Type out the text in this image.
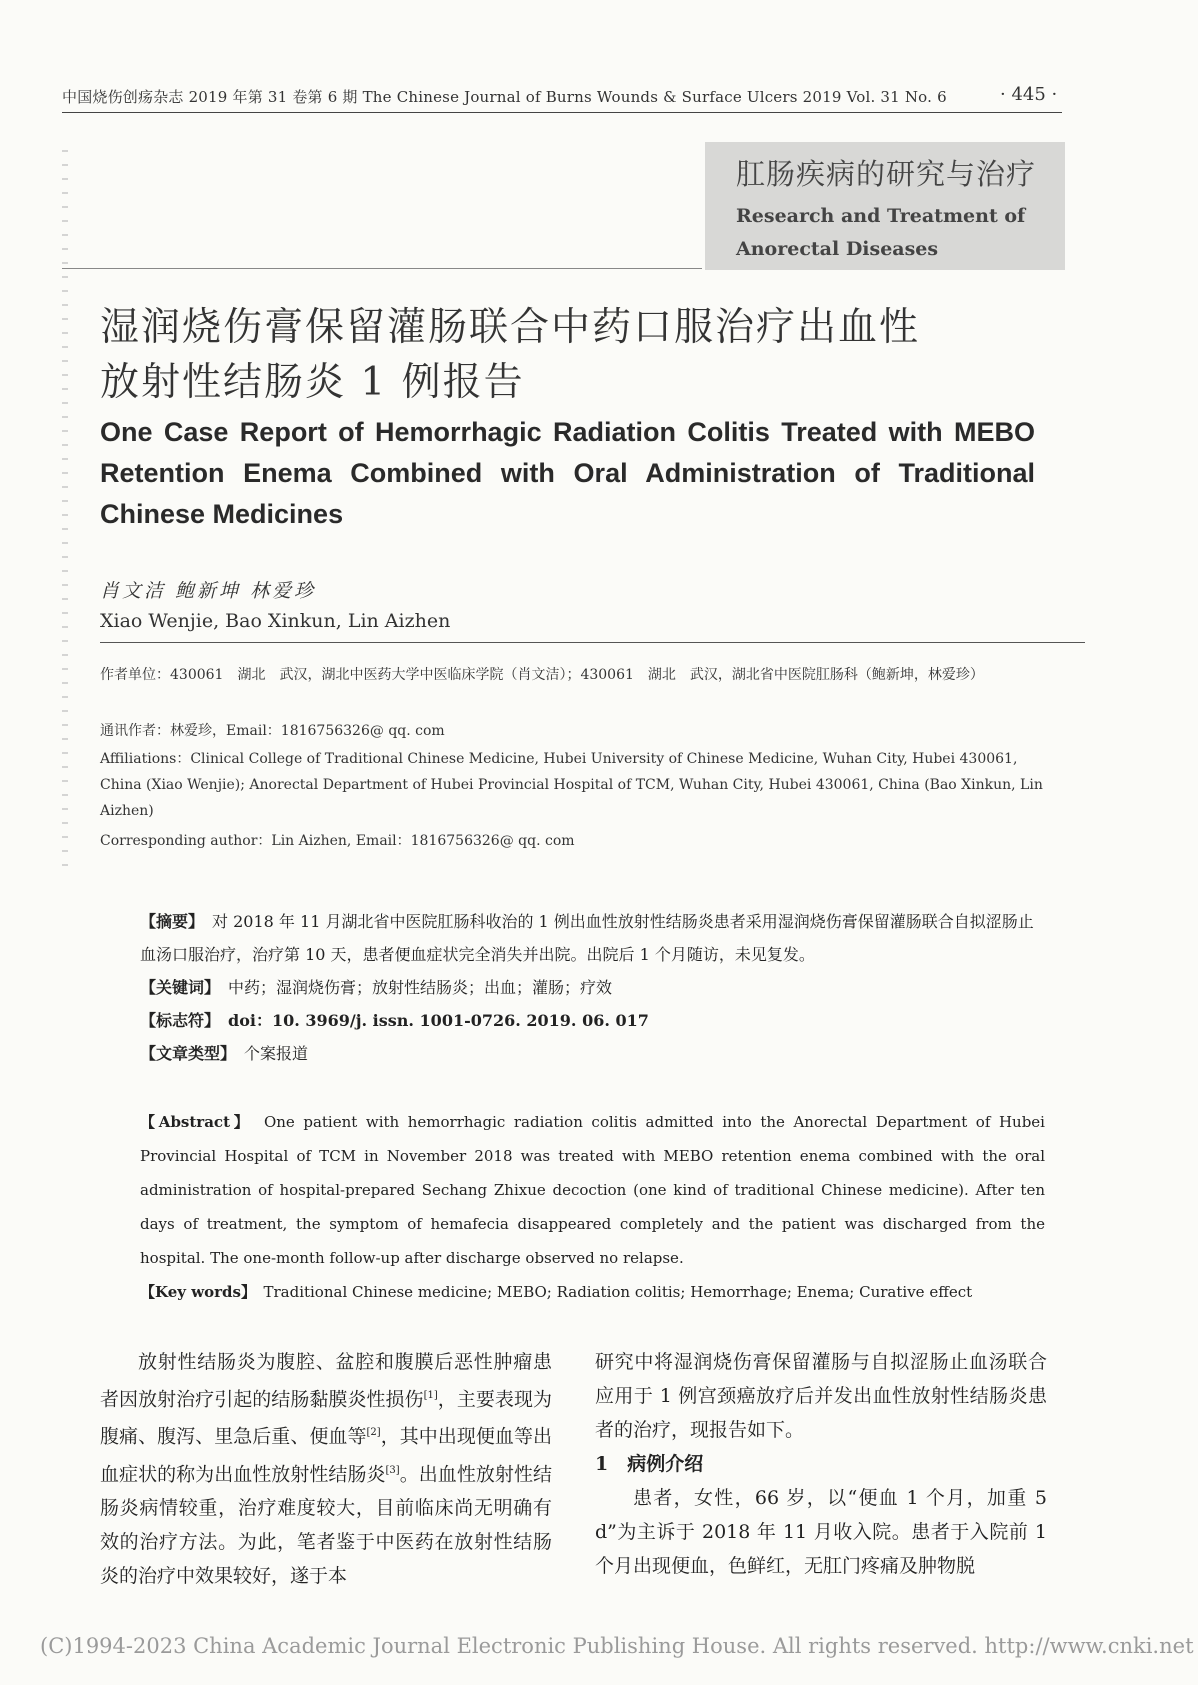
中国烧伤创疡杂志 2019 年第 31 卷第 6 期 The Chinese Journal of Burns Wounds & Surface Ulcers 2019 Vol. 31 No. 6	· 445 ·
肛肠疾病的研究与治疗
Research and Treatment of
Anorectal Diseases
湿润烧伤膏保留灌肠联合中药口服治疗出血性
放射性结肠炎 1 例报告
One Case Report of Hemorrhagic Radiation Colitis Treated with MEBO
Retention Enema Combined with Oral Administration of Traditional
Chinese Medicines
肖文洁 鲍新坤 林爱珍
Xiao Wenjie, Bao Xinkun, Lin Aizhen
作者单位：430061　湖北　武汉，湖北中医药大学中医临床学院（肖文洁）；430061　湖北　武汉，湖北省中医院肛肠科（鲍新坤，林爱珍）
通讯作者：林爱珍，Email：1816756326@ qq. com
Affiliations：Clinical College of Traditional Chinese Medicine, Hubei University of Chinese Medicine, Wuhan City, Hubei 430061, China (Xiao Wenjie); Anorectal Department of Hubei Provincial Hospital of TCM, Wuhan City, Hubei 430061, China (Bao Xinkun, Lin Aizhen)
Corresponding author：Lin Aizhen, Email：1816756326@ qq. com
【摘要】　 对 2018 年 11 月湖北省中医院肛肠科收治的 1 例出血性放射性结肠炎患者采用湿润烧伤膏保留灌肠联合自拟涩肠止血汤口服治疗，治疗第 10 天，患者便血症状完全消失并出院。出院后 1 个月随访，未见复发。
【关键词】　 中药；湿润烧伤膏；放射性结肠炎；出血；灌肠；疗效
【标志符】　 doi：10. 3969/j. issn. 1001-0726. 2019. 06. 017
【文章类型】　 个案报道
【Abstract】　 One patient with hemorrhagic radiation colitis admitted into the Anorectal Department of Hubei Provincial Hospital of TCM in November 2018 was treated with MEBO retention enema combined with the oral administration of hospital-prepared Sechang Zhixue decoction (one kind of traditional Chinese medicine). After ten days of treatment, the symptom of hemafecia disappeared completely and the patient was discharged from the hospital. The one-month follow-up after discharge observed no relapse.
【Key words】　 Traditional Chinese medicine; MEBO; Radiation colitis; Hemorrhage; Enema; Curative effect
放射性结肠炎为腹腔、盆腔和腹膜后恶性肿瘤患者因放射治疗引起的结肠黏膜炎性损伤[1]，主要表现为腹痛、腹泻、里急后重、便血等[2]，其中出现便血等出血症状的称为出血性放射性结肠炎[3]。出血性放射性结肠炎病情较重，治疗难度较大，目前临床尚无明确有效的治疗方法。为此，笔者鉴于中医药在放射性结肠炎的治疗中效果较好，遂于本
研究中将湿润烧伤膏保留灌肠与自拟涩肠止血汤联合应用于 1 例宫颈癌放疗后并发出血性放射性结肠炎患者的治疗，现报告如下。
1　病例介绍
患者，女性，66 岁，以“便血 1 个月，加重 5 d”为主诉于 2018 年 11 月收入院。患者于入院前 1 个月出现便血，色鲜红，无肛门疼痛及肿物脱
(C)1994-2023 China Academic Journal Electronic Publishing House. All rights reserved. http://www.cnki.net
